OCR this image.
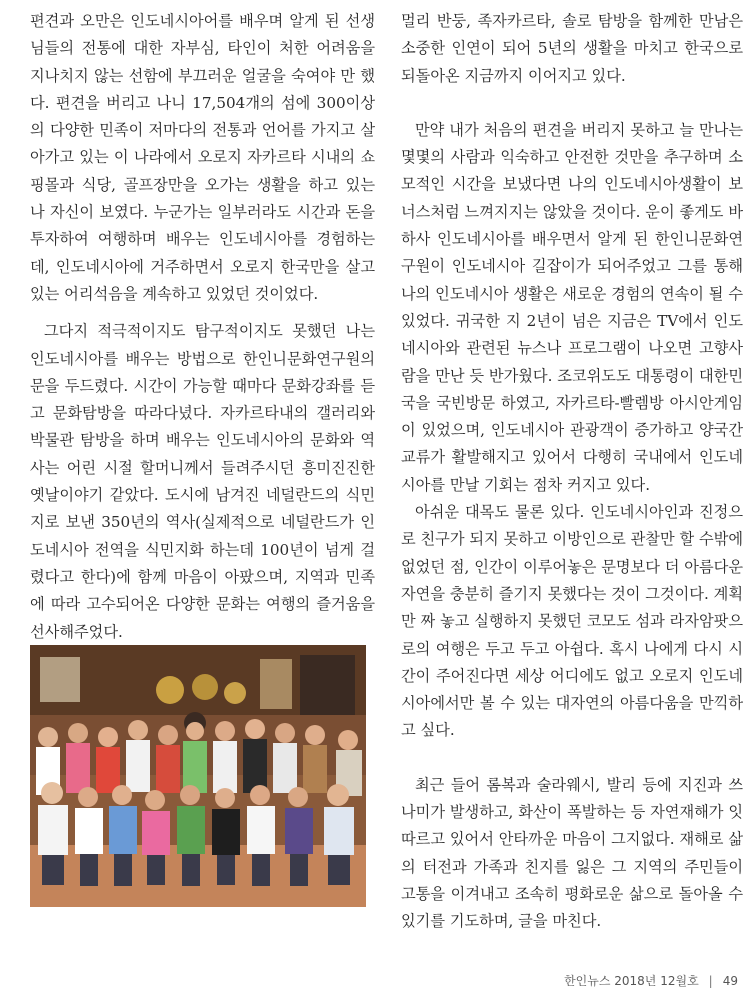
편견과 오만은 인도네시아어를 배우며 알게 된 선생님들의 전통에 대한 자부심, 타인이 처한 어려움을 지나치지 않는 선함에 부끄러운 얼굴을 숙여야 만 했다. 편견을 버리고 나니 17,504개의 섬에 300이상의 다양한 민족이 저마다의 전통과 언어를 가지고 살아가고 있는 이 나라에서 오로지 자카르타 시내의 쇼핑몰과 식당, 골프장만을 오가는 생활을 하고 있는 나 자신이 보였다. 누군가는 일부러라도 시간과 돈을 투자하여 여행하며 배우는 인도네시아를 경험하는데, 인도네시아에 거주하면서 오로지 한국만을 살고 있는 어리석음을 계속하고 있었던 것이었다.

그다지 적극적이지도 탐구적이지도 못했던 나는 인도네시아를 배우는 방법으로 한인니문화연구원의 문을 두드렸다. 시간이 가능할 때마다 문화강좌를 듣고 문화탐방을 따라다녔다. 자카르타내의 갤러리와 박물관 탐방을 하며 배우는 인도네시아의 문화와 역사는 어린 시절 할머니께서 들려주시던 흥미진진한 옛날이야기 같았다. 도시에 남겨진 네덜란드의 식민지로 보낸 350년의 역사(실제적으로 네덜란드가 인도네시아 전역을 식민지화 하는데 100년이 넘게 걸렸다고 한다)에 함께 마음이 아팠으며, 지역과 민족에 따라 고수되어온 다양한 문화는 여행의 즐거움을 선사해주었다.

멀리 반둥, 족자카르타, 솔로 탐방을 함께한 만남은 소중한 인연이 되어 5년의 생활을 마치고 한국으로 되돌아온 지금까지 이어지고 있다.

만약 내가 처음의 편견을 버리지 못하고 늘 만나는 몇몇의 사람과 익숙하고 안전한 것만을 추구하며 소모적인 시간을 보냈다면 나의 인도네시아생활이 보너스처럼 느껴지지는 않았을 것이다. 운이 좋게도 바하사 인도네시아를 배우면서 알게 된 한인니문화연구원이 인도네시아 길잡이가 되어주었고 그를 통해 나의 인도네시아 생활은 새로운 경험의 연속이 될 수 있었다. 귀국한 지 2년이 넘은 지금은 TV에서 인도네시아와 관련된 뉴스나 프로그램이 나오면 고향사람을 만난 듯 반가웠다. 조코위도도 대통령이 대한민국을 국빈방문 하였고, 자카르타-빨렘방 아시안게임이 있었으며, 인도네시아 관광객이 증가하고 양국간 교류가 활발해지고 있어서 다행히 국내에서 인도네시아를 만날 기회는 점차 커지고 있다.

아쉬운 대목도 물론 있다. 인도네시아인과 진정으로 친구가 되지 못하고 이방인으로 관찰만 할 수밖에 없었던 점, 인간이 이루어놓은 문명보다 더 아름다운 자연을 충분히 즐기지 못했다는 것이 그것이다. 계획만 짜 놓고 실행하지 못했던 코모도 섬과 라자암팟으로의 여행은 두고 두고 아쉽다. 혹시 나에게 다시 시간이 주어진다면 세상 어디에도 없고 오로지 인도네시아에서만 볼 수 있는 대자연의 아름다움을 만끽하고 싶다.

최근 들어 롬복과 술라웨시, 발리 등에 지진과 쓰나미가 발생하고, 화산이 폭발하는 등 자연재해가 잇따르고 있어서 안타까운 마음이 그지없다. 재해로 삶의 터전과 가족과 친지를 잃은 그 지역의 주민들이 고통을 이겨내고 조속히 평화로운 삶으로 돌아올 수 있기를 기도하며, 글을 마친다.

한인뉴스 2018년 12월호 | 49
